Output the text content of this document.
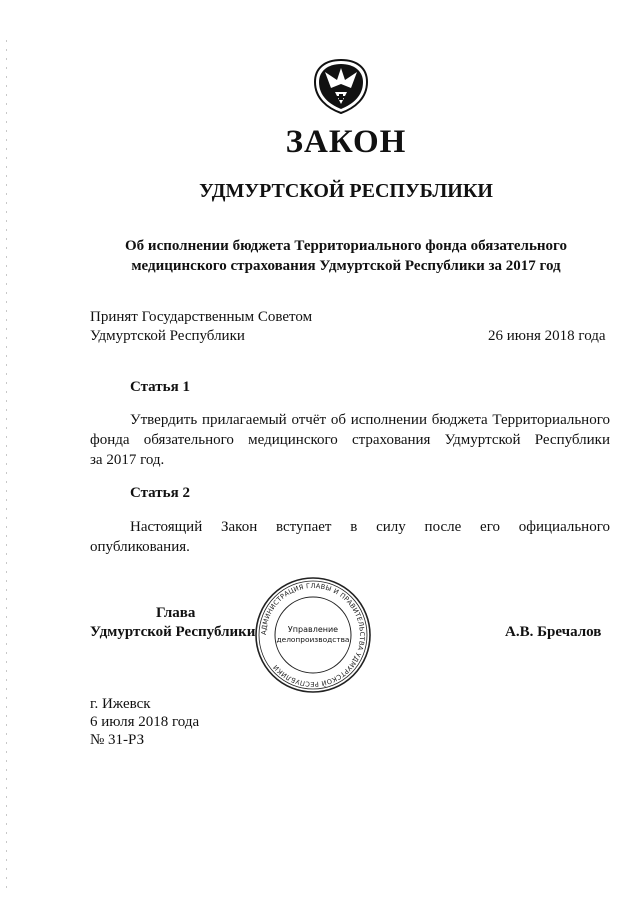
ЗАКОН
УДМУРТСКОЙ РЕСПУБЛИКИ
Об исполнении бюджета Территориального фонда обязательного
медицинского страхования Удмуртской Республики за 2017 год
Принят Государственным Советом
Удмуртской Республики	26 июня 2018 года
Статья 1
Утвердить прилагаемый отчёт об исполнении бюджета Территориального
фонда обязательного медицинского страхования Удмуртской Республики
за 2017 год.
Статья 2
Настоящий Закон вступает в силу после его официального
опубликования.
Глава
Удмуртской Республики	А.В. Бречалов
АДМИНИСТРАЦИЯ ГЛАВЫ И ПРАВИТЕЛЬСТВА УДМУРТСКОЙ РЕСПУБЛИКИ
Управление
делопроизводства
г. Ижевск
6 июля 2018 года
№ 31-РЗ
